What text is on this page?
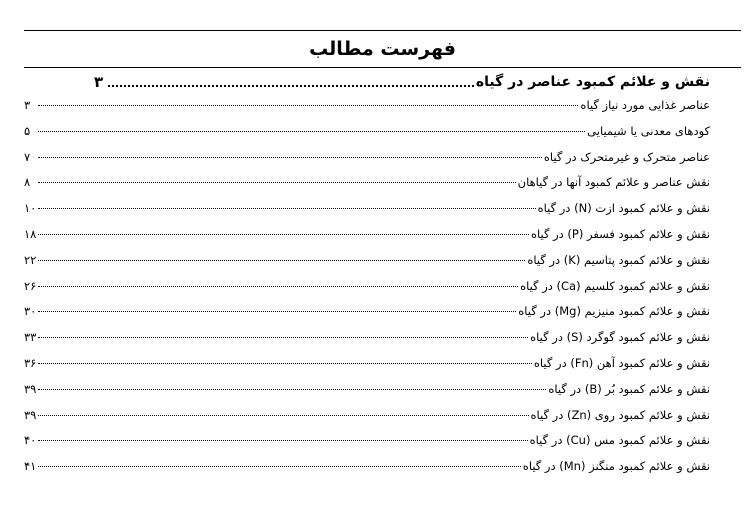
فهرست مطالب
نقش و علائم کمبود عناصر در گیاه
۳
عناصر غذایی مورد نیاز گیاه
۳
کودهای معدنی یا شیمیایی
۵
عناصر متحرک و غیرمتحرک در گیاه
۷
نقش عناصر و علائم کمبود آنها در گیاهان
۸
نقش و علائم کمبود ازت (N) در گیاه
۱۰
نقش و علائم کمبود فسفر (P) در گیاه
۱۸
نقش و علائم کمبود پتاسیم (K) در گیاه
۲۲
نقش و علائم کمبود کلسیم (Ca) در گیاه
۲۶
نقش و علائم کمبود منیزیم (Mg) در گیاه
۳۰
نقش و علائم کمبود گوگرد (S) در گیاه
۳۳
نقش و علائم کمبود آهن (Fn) در گیاه
۳۶
نقش و علائم کمبود بُر (B) در گیاه
۳۹
نقش و علائم کمبود روی (Zn) در گیاه
۳۹
نقش و علائم کمبود مس (Cu) در گیاه
۴۰
نقش و علائم کمبود منگنز (Mn) در گیاه
۴۱
